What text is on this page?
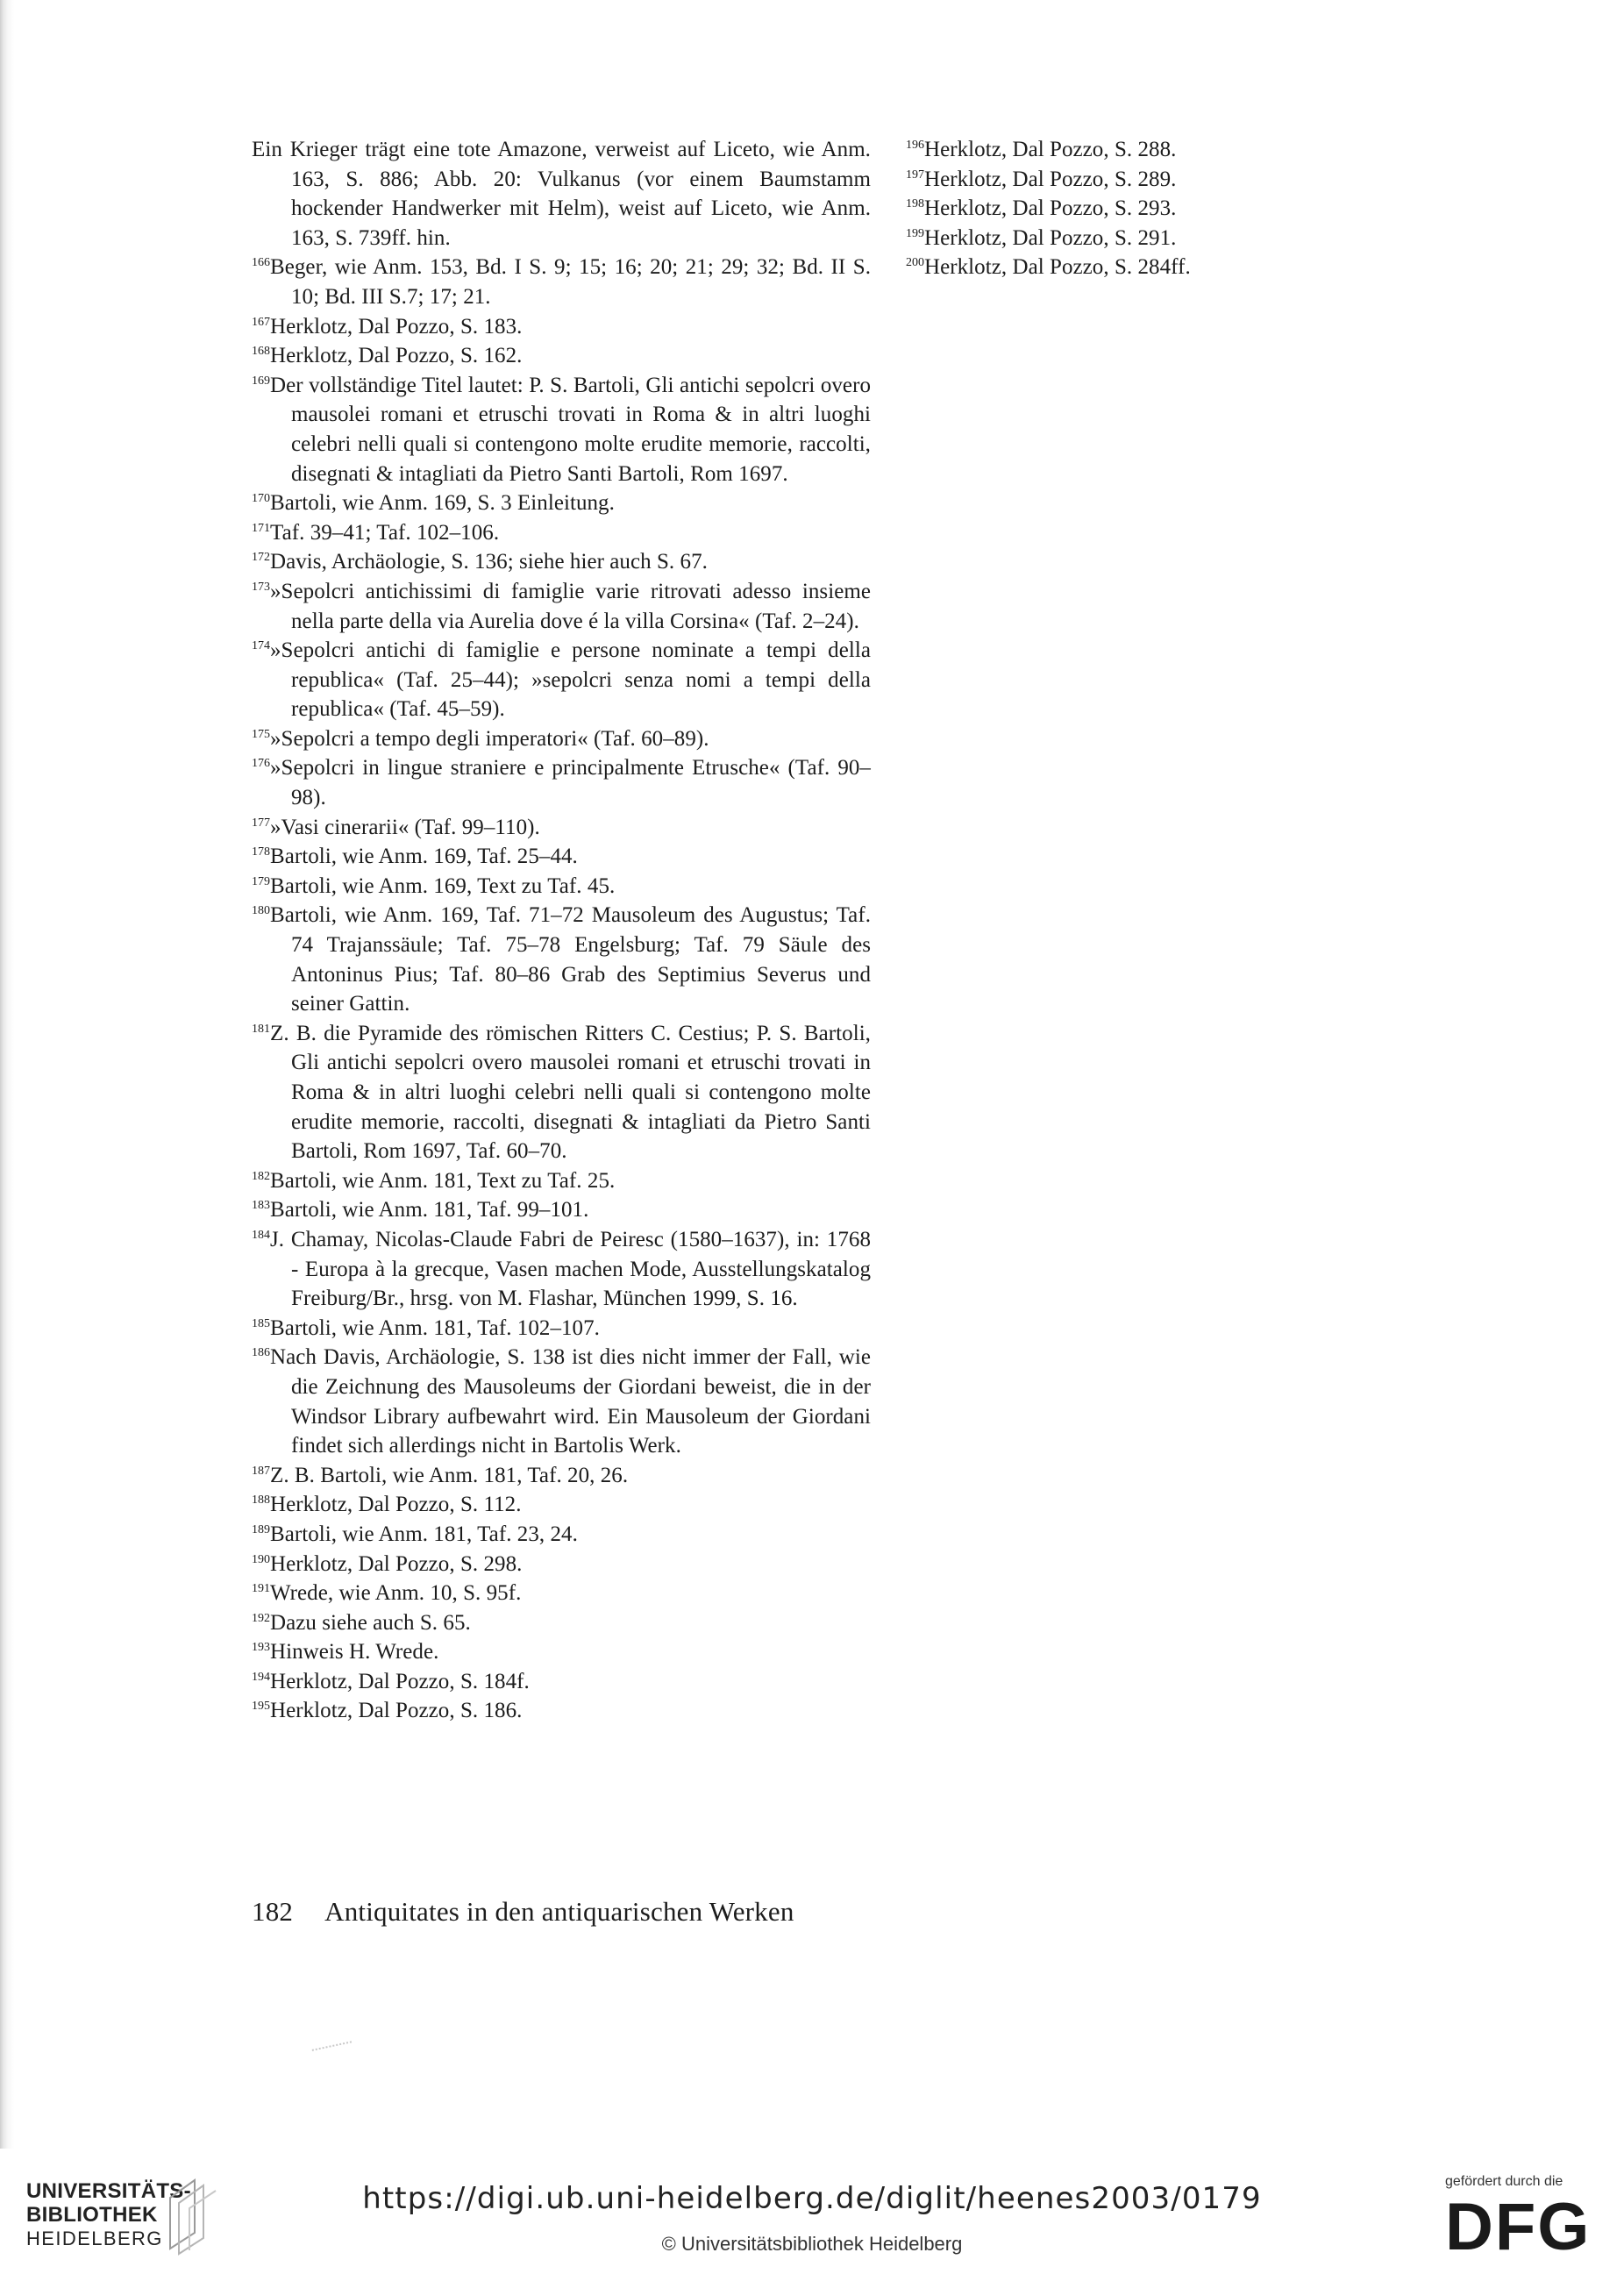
Ein Krieger trägt eine tote Amazone, verweist auf Liceto, wie Anm. 163, S. 886; Abb. 20: Vulkanus (vor einem Baumstamm hockender Handwerker mit Helm), weist auf Liceto, wie Anm. 163, S. 739ff. hin.
$^{166}$Beger, wie Anm. 153, Bd. I S. 9; 15; 16; 20; 21; 29; 32; Bd. II S. 10; Bd. III S.7; 17; 21.
$^{167}$Herklotz, Dal Pozzo, S. 183.
$^{168}$Herklotz, Dal Pozzo, S. 162.
$^{169}$Der vollständige Titel lautet: P. S. Bartoli, Gli antichi sepolcri overo mausolei romani et etruschi trovati in Roma & in altri luoghi celebri nelli quali si contengono molte erudite memorie, raccolti, disegnati & intagliati da Pietro Santi Bartoli, Rom 1697.
$^{170}$Bartoli, wie Anm. 169, S. 3 Einleitung.
$^{171}$Taf. 39–41; Taf. 102–106.
$^{172}$Davis, Archäologie, S. 136; siehe hier auch S. 67.
$^{173}$»Sepolcri antichissimi di famiglie varie ritrovati adesso insieme nella parte della via Aurelia dove é la villa Corsina« (Taf. 2–24).
$^{174}$»Sepolcri antichi di famiglie e persone nominate a tempi della republica« (Taf. 25–44); »sepolcri senza nomi a tempi della republica« (Taf. 45–59).
$^{175}$»Sepolcri a tempo degli imperatori« (Taf. 60–89).
$^{176}$»Sepolcri in lingue straniere e principalmente Etrusche« (Taf. 90–98).
$^{177}$»Vasi cinerarii« (Taf. 99–110).
$^{178}$Bartoli, wie Anm. 169, Taf. 25–44.
$^{179}$Bartoli, wie Anm. 169, Text zu Taf. 45.
$^{180}$Bartoli, wie Anm. 169, Taf. 71–72 Mausoleum des Augustus; Taf. 74 Trajanssäule; Taf. 75–78 Engelsburg; Taf. 79 Säule des Antoninus Pius; Taf. 80–86 Grab des Septimius Severus und seiner Gattin.
$^{181}$Z. B. die Pyramide des römischen Ritters C. Cestius; P. S. Bartoli, Gli antichi sepolcri overo mausolei romani et etruschi trovati in Roma & in altri luoghi celebri nelli quali si contengono molte erudite memorie, raccolti, disegnati & intagliati da Pietro Santi Bartoli, Rom 1697, Taf. 60–70.
$^{182}$Bartoli, wie Anm. 181, Text zu Taf. 25.
$^{183}$Bartoli, wie Anm. 181, Taf. 99–101.
$^{184}$J. Chamay, Nicolas-Claude Fabri de Peiresc (1580–1637), in: 1768 - Europa à la grecque, Vasen machen Mode, Ausstellungskatalog Freiburg/Br., hrsg. von M. Flashar, München 1999, S. 16.
$^{185}$Bartoli, wie Anm. 181, Taf. 102–107.
$^{186}$Nach Davis, Archäologie, S. 138 ist dies nicht immer der Fall, wie die Zeichnung des Mausoleums der Giordani beweist, die in der Windsor Library aufbewahrt wird. Ein Mausoleum der Giordani findet sich allerdings nicht in Bartolis Werk.
$^{187}$Z. B. Bartoli, wie Anm. 181, Taf. 20, 26.
$^{188}$Herklotz, Dal Pozzo, S. 112.
$^{189}$Bartoli, wie Anm. 181, Taf. 23, 24.
$^{190}$Herklotz, Dal Pozzo, S. 298.
$^{191}$Wrede, wie Anm. 10, S. 95f.
$^{192}$Dazu siehe auch S. 65.
$^{193}$Hinweis H. Wrede.
$^{194}$Herklotz, Dal Pozzo, S. 184f.
$^{195}$Herklotz, Dal Pozzo, S. 186.
$^{196}$Herklotz, Dal Pozzo, S. 288.
$^{197}$Herklotz, Dal Pozzo, S. 289.
$^{198}$Herklotz, Dal Pozzo, S. 293.
$^{199}$Herklotz, Dal Pozzo, S. 291.
$^{200}$Herklotz, Dal Pozzo, S. 284ff.
182 Antiquitates in den antiquarischen Werken
UNIVERSITÄTS-
BIBLIOTHEK
HEIDELBERG
https://digi.ub.uni-heidelberg.de/diglit/heenes2003/0179
© Universitätsbibliothek Heidelberg
gefördert durch die
DFG
